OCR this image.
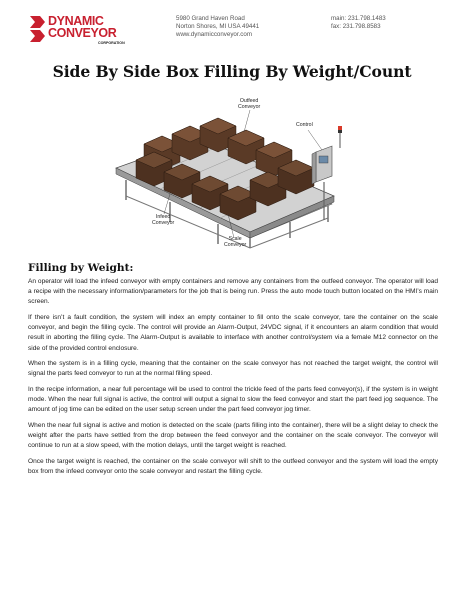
DYNAMIC
CONVEYOR
CORPORATION
5980 Grand Haven Road
Norton Shores, MI USA 49441
www.dynamicconveyor.com
main: 231.798.1483
fax: 231.798.8583
Side By Side Box Filling By Weight/Count
Outfeed
Conveyor
Control
Infeed
Conveyor
Scale
Conveyor
Filling by Weight:

An operator will load the infeed conveyor with empty containers and remove any containers from the outfeed conveyor. The operator will load a recipe with the necessary information/parameters for the job that is being run. Press the auto mode touch button located on the HMI’s main screen.

If there isn’t a fault condition, the system will index an empty container to fill onto the scale conveyor, tare the container on the scale conveyor, and begin the filling cycle. The control will provide an Alarm-Output, 24VDC signal, if it encounters an alarm condition that would result in aborting the filling cycle. The Alarm-Output is available to interface with another control/system via a female M12 connector on the side of the provided control enclosure.

When the system is in a filling cycle, meaning that the container on the scale conveyor has not reached the target weight, the control will signal the parts feed conveyor to run at the normal filling speed.

In the recipe information, a near full percentage will be used to control the trickle feed of the parts feed conveyor(s), if the system is in weight mode. When the near full signal is active, the control will output a signal to slow the feed conveyor and start the part feed jog sequence. The amount of jog time can be edited on the user setup screen under the part feed conveyor jog timer.

When the near full signal is active and motion is detected on the scale (parts filling into the container), there will be a slight delay to check the weight after the parts have settled from the drop between the feed conveyor and the container on the scale conveyor. The conveyor will continue to run at a slow speed, with the motion delays, until the target weight is reached.

Once the target weight is reached, the container on the scale conveyor will shift to the outfeed conveyor and the system will load the empty box from the infeed conveyor onto the scale conveyor and restart the filling cycle.
